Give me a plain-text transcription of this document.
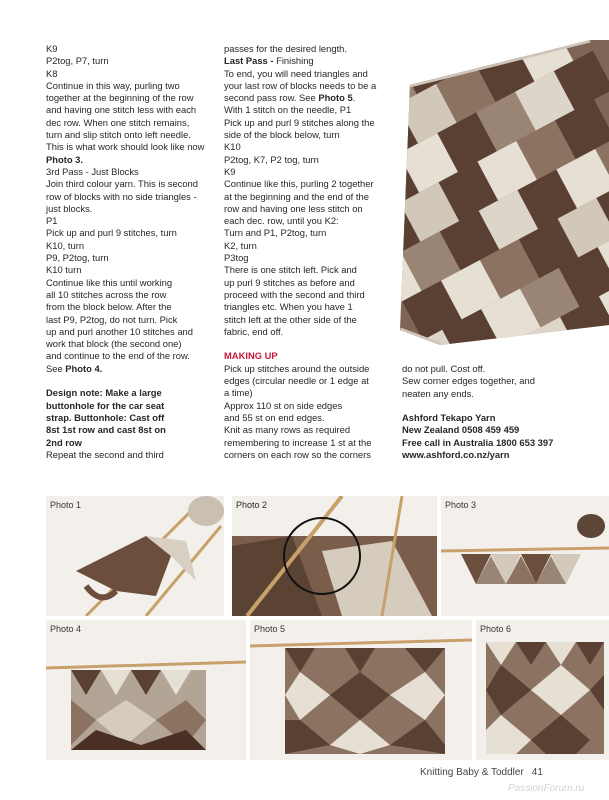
K9

P2tog, P7, turn

K8

Continue in this way, purling two

together at the beginning of the row

and having one stitch less with each

dec row. When one stitch remains,

turn and slip stitch onto left needle.

This is what work should look like now

Photo 3.

3rd Pass - Just Blocks

Join third colour yarn. This is second

row of blocks with no side triangles -

just blocks.

P1

Pick up and purl 9 stitches, turn

K10, turn

P9, P2tog, turn

K10 turn

Continue like this until working

all 10 stitches across the row

from the block below. After the

last P9, P2tog, do not turn. Pick

up and purl another 10 stitches and

work that block (the second one)

and continue to the end of the row.

See Photo 4.

Design note: Make a large

buttonhole for the car seat

strap. Buttonhole: Cast off

8st 1st row and cast 8st on

2nd row

Repeat the second and third

passes for the desired length.

Last Pass - Finishing

To end, you will need triangles and

your last row of blocks needs to be a

second pass row. See Photo 5.

With 1 stitch on the needle, P1

Pick up and purl 9 stitches along the

side of the block below, turn

K10

P2tog, K7, P2 tog, turn

K9

Continue like this, purling 2 together

at the beginning and the end of the

row and having one less stitch on

each dec. row, until you K2:

Turn and P1, P2tog, turn

K2, turn

P3tog

There is one stitch left. Pick and

up purl 9 stitches as before and

proceed with the second and third

triangles etc. When you have 1

stitch left at the other side of the

fabric, end off.

MAKING UP

Pick up stitches around the outside

edges (circular needle or 1 edge at

a time)

Approx 110 st on side edges

and 55 st on end edges.

Knit as many rows as required

remembering to increase 1 st at the

corners on each row so the corners

do not pull. Cost off.

Sew corner edges together, and

neaten any ends.

Ashford Tekapo Yarn

New Zealand 0508 459 459

Free call in Australia 1800 653 397

www.ashford.co.nz/yarn

Photo 1	Photo 2	Photo 3
Photo 4	Photo 5	Photo 6
Knitting Baby & Toddler 41
PassionForum.ru
